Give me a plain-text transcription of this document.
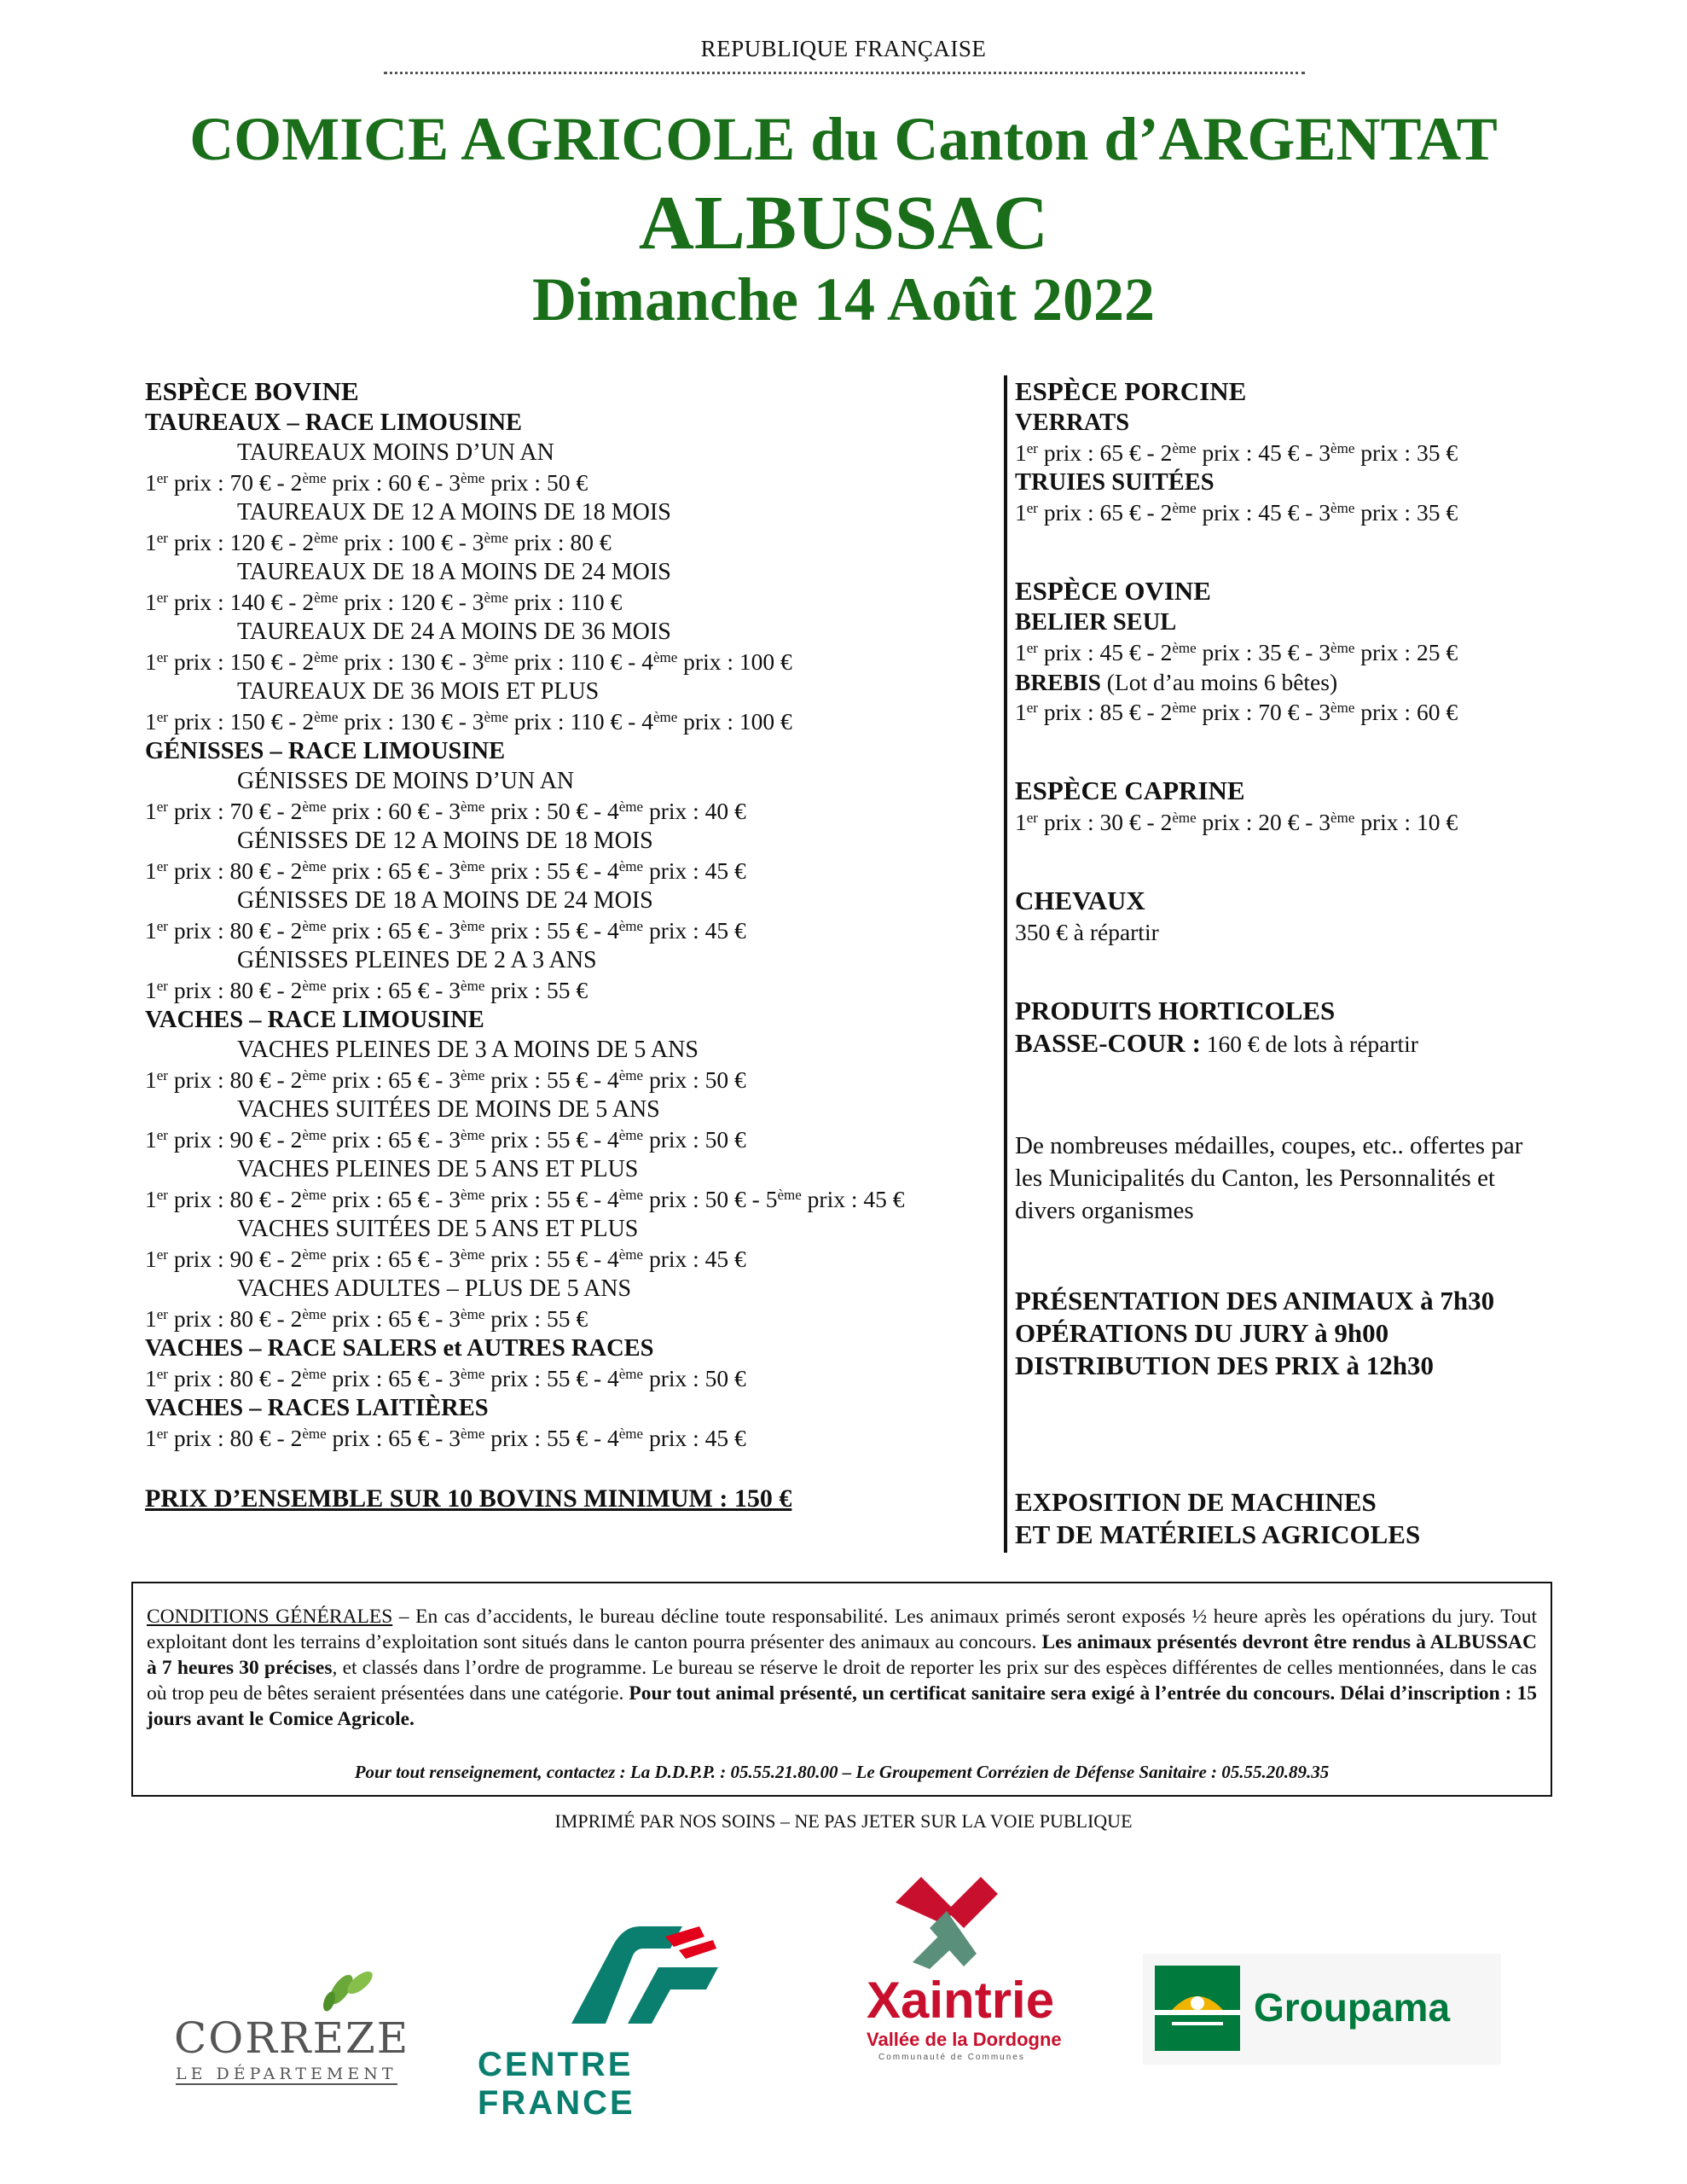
REPUBLIQUE FRANÇAISE
COMICE AGRICOLE du Canton d’ARGENTAT
ALBUSSAC
Dimanche 14 Août 2022
ESPÈCE BOVINE
TAUREAUX – RACE LIMOUSINE
TAUREAUX MOINS D’UN AN
1er prix : 70 € - 2ème prix : 60 € - 3ème prix : 50 €
TAUREAUX DE 12 A MOINS DE 18 MOIS
1er prix : 120 € - 2ème prix : 100 € - 3ème prix : 80 €
TAUREAUX DE 18 A MOINS DE 24 MOIS
1er prix : 140 € - 2ème prix : 120 € - 3ème prix : 110 €
TAUREAUX DE 24 A MOINS DE 36 MOIS
1er prix : 150 € - 2ème prix : 130 € - 3ème prix : 110 € - 4ème prix : 100 €
TAUREAUX DE 36 MOIS ET PLUS
1er prix : 150 € - 2ème prix : 130 € - 3ème prix : 110 € - 4ème prix : 100 €
GÉNISSES – RACE LIMOUSINE
GÉNISSES DE MOINS D’UN AN
1er prix : 70 € - 2ème prix : 60 € - 3ème prix : 50 € - 4ème prix : 40 €
GÉNISSES DE 12 A MOINS DE 18 MOIS
1er prix : 80 € - 2ème prix : 65 € - 3ème prix : 55 € - 4ème prix : 45 €
GÉNISSES DE 18 A MOINS DE 24 MOIS
1er prix : 80 € - 2ème prix : 65 € - 3ème prix : 55 € - 4ème prix : 45 €
GÉNISSES PLEINES DE 2 A 3 ANS
1er prix : 80 € - 2ème prix : 65 € - 3ème prix : 55 €
VACHES – RACE LIMOUSINE
VACHES PLEINES DE 3 A MOINS DE 5 ANS
1er prix : 80 € - 2ème prix : 65 € - 3ème prix : 55 € - 4ème prix : 50 €
VACHES SUITÉES DE MOINS DE 5 ANS
1er prix : 90 € - 2ème prix : 65 € - 3ème prix : 55 € - 4ème prix : 50 €
VACHES PLEINES DE 5 ANS ET PLUS
1er prix : 80 € - 2ème prix : 65 € - 3ème prix : 55 € - 4ème prix : 50 € - 5ème prix : 45 €
VACHES SUITÉES DE 5 ANS ET PLUS
1er prix : 90 € - 2ème prix : 65 € - 3ème prix : 55 € - 4ème prix : 45 €
VACHES ADULTES – PLUS DE 5 ANS
1er prix : 80 € - 2ème prix : 65 € - 3ème prix : 55 €
VACHES – RACE SALERS et AUTRES RACES
1er prix : 80 € - 2ème prix : 65 € - 3ème prix : 55 € - 4ème prix : 50 €
VACHES – RACES LAITIÈRES
1er prix : 80 € - 2ème prix : 65 € - 3ème prix : 55 € - 4ème prix : 45 €
PRIX D’ENSEMBLE SUR 10 BOVINS MINIMUM : 150 €
ESPÈCE PORCINE
VERRATS
1er prix : 65 € - 2ème prix : 45 € - 3ème prix : 35 €
TRUIES SUITÉES
1er prix : 65 € - 2ème prix : 45 € - 3ème prix : 35 €
ESPÈCE OVINE
BELIER SEUL
1er prix : 45 € - 2ème prix : 35 € - 3ème prix : 25 €
BREBIS (Lot d’au moins 6 bêtes)
1er prix : 85 € - 2ème prix : 70 € - 3ème prix : 60 €
ESPÈCE CAPRINE
1er prix : 30 € - 2ème prix : 20 € - 3ème prix : 10 €
CHEVAUX
350 € à répartir
PRODUITS HORTICOLES
BASSE-COUR : 160 € de lots à répartir
De nombreuses médailles, coupes, etc.. offertes par les Municipalités du Canton, les Personnalités et divers organismes
PRÉSENTATION DES ANIMAUX à 7h30
OPÉRATIONS DU JURY à 9h00
DISTRIBUTION DES PRIX à 12h30
EXPOSITION DE MACHINES
ET DE MATÉRIELS AGRICOLES
CONDITIONS GÉNÉRALES – En cas d’accidents, le bureau décline toute responsabilité. Les animaux primés seront exposés ½ heure après les opérations du jury. Tout exploitant dont les terrains d’exploitation sont situés dans le canton pourra présenter des animaux au concours. Les animaux présentés devront être rendus à ALBUSSAC à 7 heures 30 précises, et classés dans l’ordre de programme. Le bureau se réserve le droit de reporter les prix sur des espèces différentes de celles mentionnées, dans le cas où trop peu de bêtes seraient présentées dans une catégorie. Pour tout animal présenté, un certificat sanitaire sera exigé à l’entrée du concours. Délai d’inscription : 15 jours avant le Comice Agricole.
Pour tout renseignement, contactez : La D.D.P.P. : 05.55.21.80.00 – Le Groupement Corrézien de Défense Sanitaire : 05.55.20.89.35
IMPRIMÉ PAR NOS SOINS – NE PAS JETER SUR LA VOIE PUBLIQUE
CORREZE
LE DÉPARTEMENT CENTRE FRANCE
Xaintrie
Vallée de la Dordogne
Communauté de Communes
Groupama
